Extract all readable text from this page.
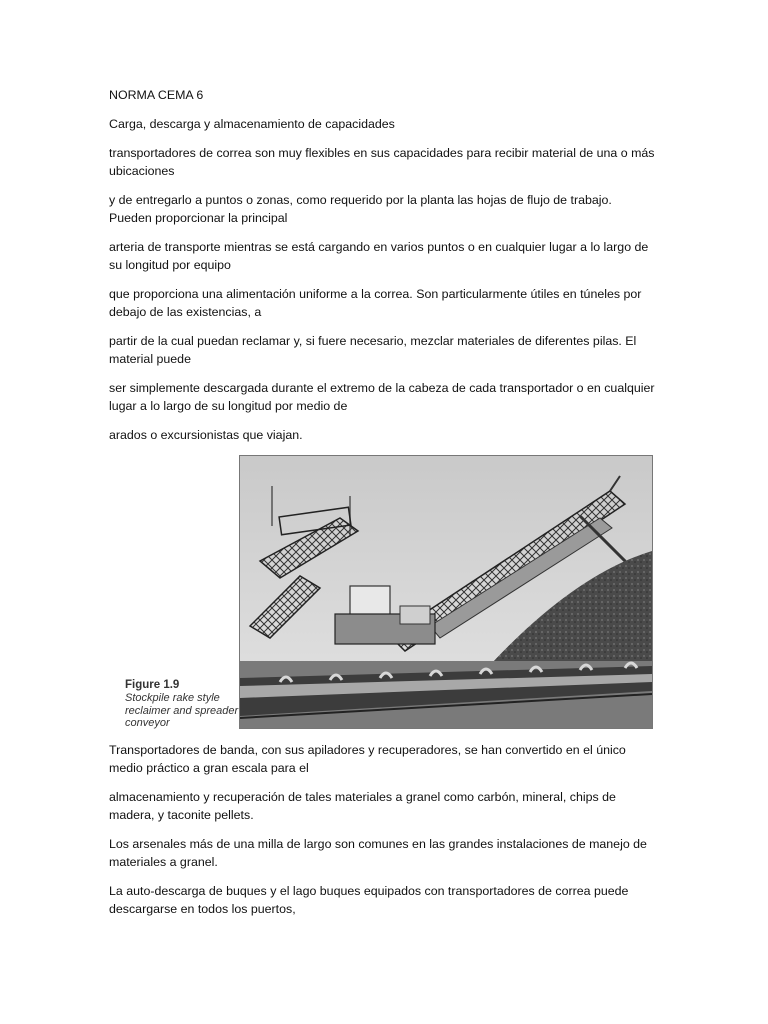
NORMA CEMA 6

Carga, descarga y almacenamiento de capacidades

transportadores de correa son muy flexibles en sus capacidades para recibir material de una o más ubicaciones

y de entregarlo a puntos o zonas, como requerido por la planta las hojas de flujo de trabajo. Pueden proporcionar la principal

arteria de transporte mientras se está cargando en varios puntos o en cualquier lugar a lo largo de su longitud por equipo

que proporciona una alimentación uniforme a la correa. Son particularmente útiles en túneles por debajo de las existencias, a

partir de la cual puedan reclamar y, si fuere necesario, mezclar materiales de diferentes pilas. El material puede

ser simplemente descargada durante el extremo de la cabeza de cada transportador o en cualquier lugar a lo largo de su longitud por medio de

arados o excursionistas que viajan.

Figure 1.9
Stockpile rake style reclaimer and spreader conveyor

Transportadores de banda, con sus apiladores y recuperadores, se han convertido en el único medio práctico a gran escala para el

almacenamiento y recuperación de tales materiales a granel como carbón, mineral, chips de madera, y taconite pellets.

Los arsenales más de una milla de largo son comunes en las grandes instalaciones de manejo de materiales a granel.

La auto-descarga de buques y el lago buques equipados con transportadores de correa puede descargarse en todos los puertos,
